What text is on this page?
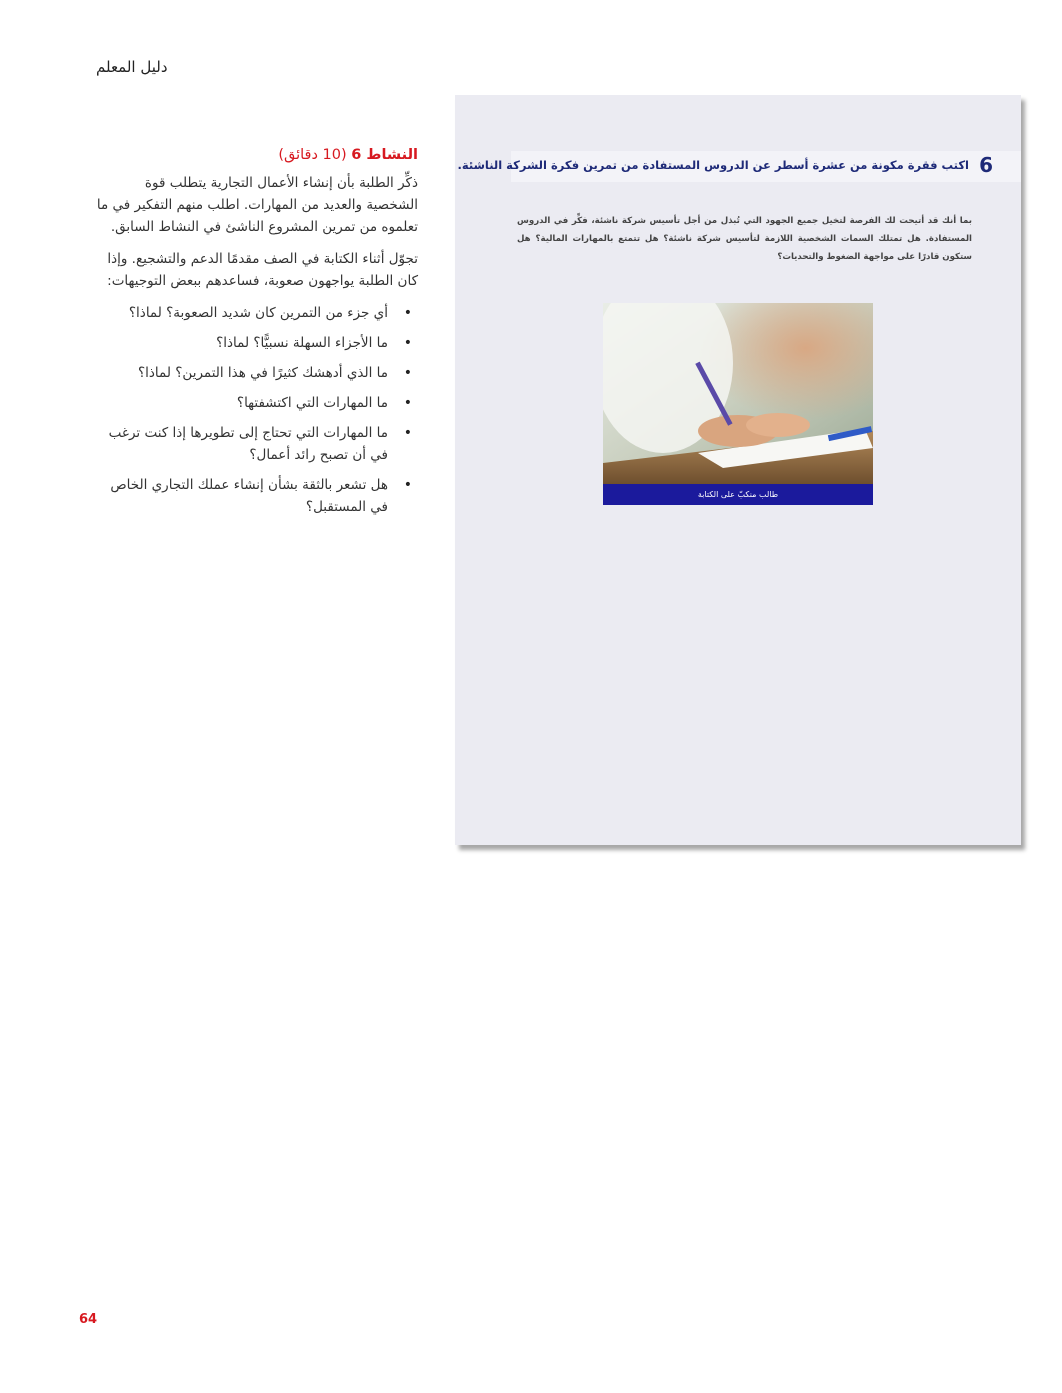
دليل المعلم
النشاط 6 (10 دقائق)

ذكِّر الطلبة بأن إنشاء الأعمال التجارية يتطلب قوة الشخصية والعديد من المهارات. اطلب منهم التفكير في ما تعلموه من تمرين المشروع الناشئ في النشاط السابق.

تجوّل أثناء الكتابة في الصف مقدمًا الدعم والتشجيع. وإذا كان الطلبة يواجهون صعوبة، فساعدهم ببعض التوجيهات:

• أي جزء من التمرين كان شديد الصعوبة؟ لماذا؟
• ما الأجزاء السهلة نسبيًّا؟ لماذا؟
• ما الذي أدهشك كثيرًا في هذا التمرين؟ لماذا؟
• ما المهارات التي اكتشفتها؟
• ما المهارات التي تحتاج إلى تطويرها إذا كنت ترغب في أن تصبح رائد أعمال؟
• هل تشعر بالثقة بشأن إنشاء عملك التجاري الخاص في المستقبل؟
6
اكتب فقرة مكونة من عشرة أسطر عن الدروس المستفادة من تمرين فكرة الشركة الناشئة.
بما أنك قد أتيحت لك الفرصة لتخيل جميع الجهود التي تُبذل من أجل تأسيس شركة ناشئة، فكِّر في الدروس المستفادة. هل تمتلك السمات الشخصية اللازمة لتأسيس شركة ناشئة؟ هل تتمتع بالمهارات المالية؟ هل ستكون قادرًا على مواجهة الضغوط والتحديات؟
طالب منكبّ على الكتابة
64
